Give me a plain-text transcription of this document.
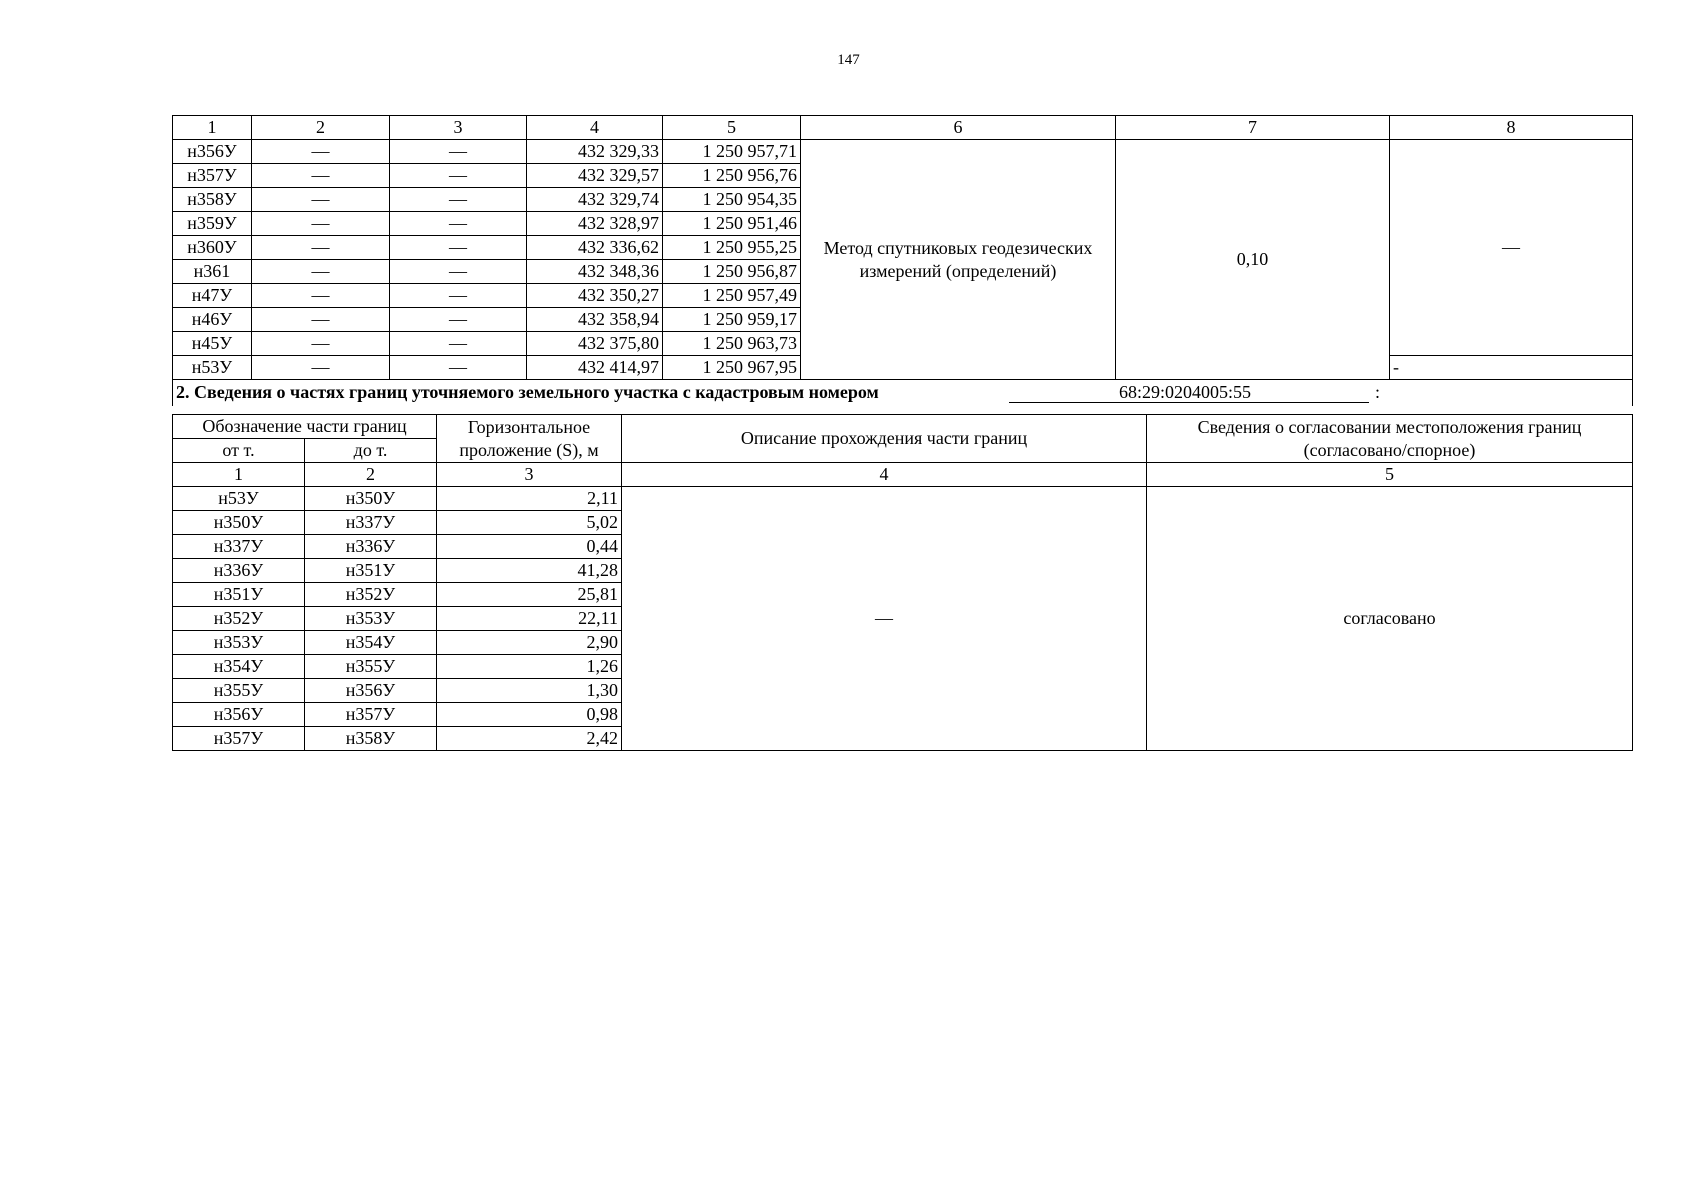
147
1	2	3	4	5	6	7	8
н356У	—	—	432 329,33	1 250 957,71	Метод спутниковых геодезических измерений (определений)	0,10	—
н357У	—	—	432 329,57	1 250 956,76			
н358У	—	—	432 329,74	1 250 954,35			
н359У	—	—	432 328,97	1 250 951,46			
н360У	—	—	432 336,62	1 250 955,25			
н361	—	—	432 348,36	1 250 956,87			
н47У	—	—	432 350,27	1 250 957,49			
н46У	—	—	432 358,94	1 250 959,17			
н45У	—	—	432 375,80	1 250 963,73			
н53У	—	—	432 414,97	1 250 967,95			-

2. Сведения о частях границ уточняемого земельного участка с кадастровым номером 68:29:0204005:55 :							
Обозначение части границ		Горизонтальное проложение (S), м	Описание прохождения части границ	Сведения о согласовании местоположения границ (согласовано/спорное)
от т.	до т.			
1	2	3	4	5
н53У	н350У	2,11	—	согласовано
н350У	н337У	5,02		
н337У	н336У	0,44		
н336У	н351У	41,28		
н351У	н352У	25,81		
н352У	н353У	22,11		
н353У	н354У	2,90		
н354У	н355У	1,26		
н355У	н356У	1,30		
н356У	н357У	0,98		
н357У	н358У	2,42		
